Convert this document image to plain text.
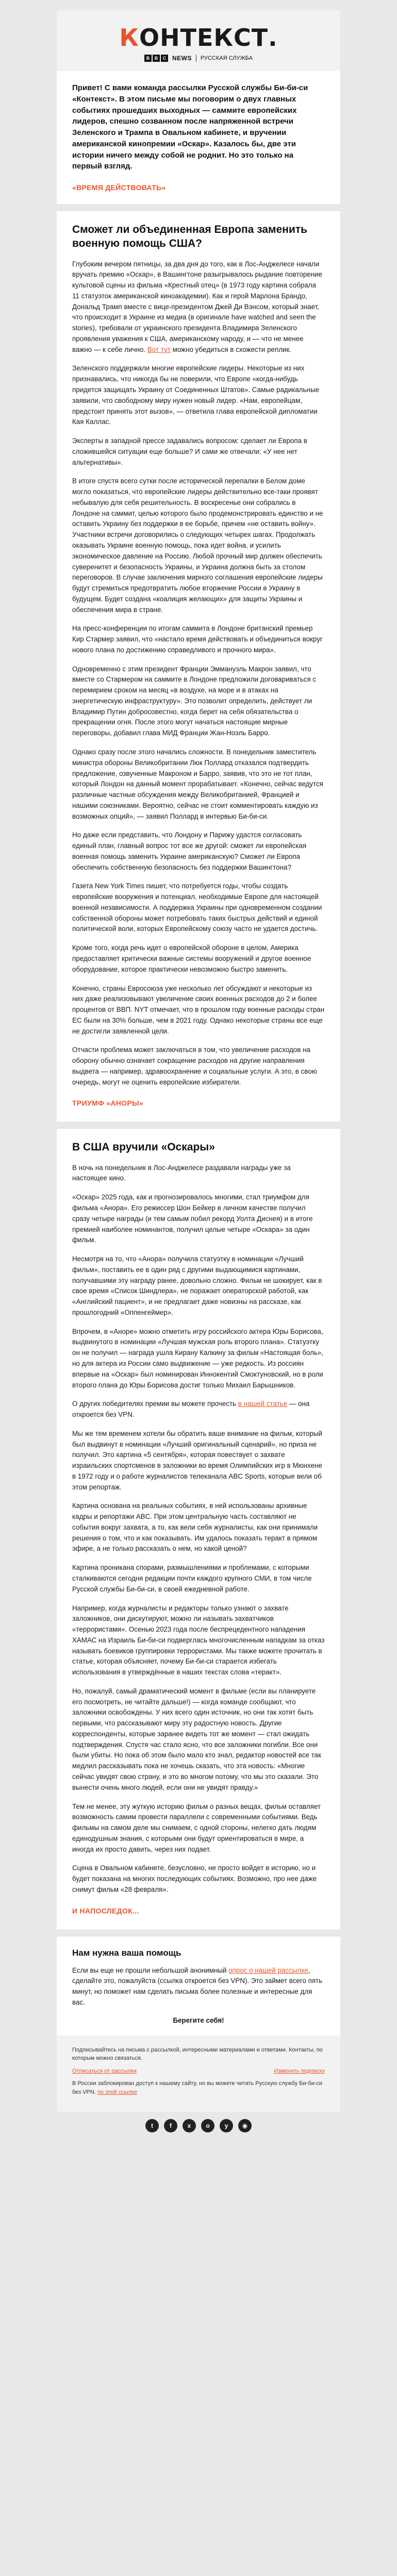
КОНТЕКСТ.
B	B	C NEWS РУССКАЯ СЛУЖБА

Привет! С вами команда рассылки Русской службы Би-би-си «Контекст». В этом письме мы поговорим о двух главных событиях прошедших выходных — саммите европейских лидеров, спешно созванном после напряженной встречи Зеленского и Трампа в Овальном кабинете, и вручении американской кинопремии «Оскар». Казалось бы, две эти истории ничего между собой не роднит. Но это только на первый взгляд.

«ВРЕМЯ ДЕЙСТВОВАТЬ»
Сможет ли объединенная Европа заменить военную помощь США?

Глубоким вечером пятницы, за два дня до того, как в Лос-Анджелесе начали вручать премию «Оскар», в Вашингтоне разыгрывалось рыдание повторение культовой сцены из фильма «Крестный отец» (в 1973 году картина собрала 11 статуэток американской киноакадемии). Как и герой Марлона Брандо, Дональд Трамп вместе с вице-президентом Джей Ди Вэнсом, который знает, что происходит в Украине из медиа (в оригинале have watched and seen the stories), требовали от украинского президента Владимира Зеленского проявления уважения к США, американскому народу, и — что не менее важно — к себе лично. Вот тут можно убедиться в схожести реплик.

Зеленского поддержали многие европейские лидеры. Некоторые из них признавались, что никогда бы не поверили, что Европе «когда-нибудь придется защищать Украину от Соединенных Штатов». Самые радикальные заявили, что свободному миру нужен новый лидер. «Нам, европейцам, предстоит принять этот вызов», — ответила глава европейской дипломатии Кая Каллас.

Эксперты в западной прессе задавались вопросом: сделает ли Европа в сложившейся ситуации еще больше? И сами же отвечали: «У нее нет альтернативы».

В итоге спустя всего сутки после исторической перепалки в Белом доме могло показаться, что европейские лидеры действительно все-таки проявят небывалую для себя решительность. В воскресенье они собрались в Лондоне на саммит, целью которого было продемонстрировать единство и не оставить Украину без поддержки в ее борьбе, причем «не оставить войну». Участники встречи договорились о следующих четырех шагах. Продолжать оказывать Украине военную помощь, пока идет война, и усилить экономическое давление на Россию. Любой прочный мир должен обеспечить суверенитет и безопасность Украины, и Украина должна быть за столом переговоров. В случае заключения мирного соглашения европейские лидеры будут стремиться предотвратить любое вторжение России в Украину в будущем. Будет создана «коалиция желающих» для защиты Украины и обеспечения мира в стране.

На пресс-конференции по итогам саммита в Лондоне британский премьер Кир Стармер заявил, что «настало время действовать и объединиться вокруг нового плана по достижению справедливого и прочного мира».

Одновременно с этим президент Франции Эммануэль Макрон заявил, что вместе со Стармером на саммите в Лондоне предложили договариваться с перемирием сроком на месяц «в воздухе, на море и в атаках на энергетическую инфраструктуру». Это позволит определить, действует ли Владимир Путин добросовестно, когда берет на себя обязательства о прекращении огня. После этого могут начаться настоящие мирные переговоры, добавил глава МИД Франции Жан-Ноэль Барро.

Однако сразу после этого начались сложности. В понедельник заместитель министра обороны Великобритании Люк Поллард отказался подтвердить предложение, озвученные Макроном и Барро, заявив, что это не тот план, который Лондон на данный момент прорабатывает. «Конечно, сейчас ведутся различные частные обсуждения между Великобританией, Францией и нашими союзниками. Вероятно, сейчас не стоит комментировать каждую из возможных опций», — заявил Поллард в интервью Би-би-си.

Но даже если представить, что Лондону и Парижу удастся согласовать единый план, главный вопрос тот все же другой: сможет ли европейская военная помощь заменить Украине американскую? Сможет ли Европа обеспечить собственную безопасность без поддержки Вашингтона?

Газета New York Times пишет, что потребуется годы, чтобы создать европейские вооружения и потенциал, необходимые Европе для настоящей военной независимости. А поддержка Украины при одновременном создании собственной обороны может потребовать таких быстрых действий и единой политической воли, которых Европейскому союзу часто не удается достичь.

Кроме того, когда речь идет о европейской обороне в целом, Америка предоставляет критически важные системы вооружений и другое военное оборудование, которое практически невозможно быстро заменить.

Конечно, страны Евросоюза уже несколько лет обсуждают и некоторые из них даже реализовывают увеличение своих военных расходов до 2 и более процентов от ВВП. NYT отмечает, что в прошлом году военные расходы стран ЕС были на 30% больше, чем в 2021 году. Однако некоторые страны все еще не достигли заявленной цели.

Отчасти проблема может заключаться в том, что увеличение расходов на оборону обычно означает сокращение расходов на другие направления выдвета — например, здравоохранение и социальные услуги. А это, в свою очередь, могут не оценить европейские избиратели.

ТРИУМФ «АНОРЫ»
В США вручили «Оскары»

В ночь на понедельник в Лос-Анджелесе раздавали награды уже за настоящее кино.

«Оскар» 2025 года, как и прогнозировалось многими, стал триумфом для фильма «Анора». Его режиссер Шон Бейкер в личном качестве получил сразу четыре награды (и тем самым побил рекорд Уолта Диснея) и в итоге премией наиболее номинантов, получил целые четыре «Оскара» за один фильм.

Несмотря на то, что «Анора» получила статуэтку в номинации «Лучший фильм», поставить ее в один ряд с другими выдающимися картинами, получавшими эту награду ранее, довольно сложно. Фильм не шокирует, как в свое время «Список Шиндлера», не поражает операторской работой, как «Английский пациент», и не предлагает даже новизны на рассказе, как прошлогодний «Оппенгеймер».

Впрочем, в «Аноре» можно отметить игру российского актера Юры Борисова, выдвинутого в номинации «Лучшая мужская роль второго плана». Статуэтку он не получил — награда ушла Кирану Калкину за фильм «Настоящая боль», но для актера из России само выдвижение — уже редкость. Из россиян впервые на «Оскар» был номинирован Иннокентий Смоктуновский, но в роли второго плана до Юры Борисова достиг только Михаил Барышников.

О других победителях премии вы можете прочесть в нашей статье — она откроется без VPN.

Мы же тем временем хотели бы обратить ваше внимание на фильм, который был выдвинут в номинации «Лучший оригинальный сценарий», но приза не получил. Это картина «5 сентября», которая повествует о захвате израильских спортсменов в заложники во время Олимпийских игр в Мюнхене в 1972 году и о работе журналистов телеканала ABC Sports, которые вели об этом репортаж.

Картина основана на реальных событиях, в ней использованы архивные кадры и репортажи ABC. При этом центральную часть составляют не события вокруг захвата, а то, как вели себя журналисты, как они принимали решения о том, что и как показывать. Им удалось показать теракт в прямом эфире, а не только рассказать о нем, но какой ценой?

Картина проникана спорами, размышлениями и проблемами, с которыми сталкиваются сегодня редакции почти каждого крупного СМИ, в том числе Русской службы Би-би-си, в своей ежедневной работе.

Например, когда журналисты и редакторы только узнают о захвате заложников, они дискутируют, можно ли называть захватчиков «террористами». Осенью 2023 года после беспрецедентного нападения ХАМАС на Израиль Би-би-си подверглась многочисленным нападкам за отказ называть боевиков группировки террористами. Мы также можете прочитать в статье, которая объясняет, почему Би-би-си старается избегать использования в утверждённые в наших текстах слова «теракт».

Но, пожалуй, самый драматический момент в фильме (если вы планируете его посмотреть, не читайте дальше!) — когда команде сообщают, что заложники освобождены. У них всего один источник, но они так хотят быть первыми, что рассказывают миру эту радостную новость. Другие корреспонденты, которые заранее видеть тот же момент — стал ожидать подтверждения. Спустя час стало ясно, что все заложники погибли. Все они были убиты. Но пока об этом было мало кто знал, редактор новостей все так медлил рассказывать пока не хочешь сказать, что эта новость: «Многие сейчас увидят свою страну, и это во многом потому, что мы это сказали. Это вынести очень много людей, если они не увидят правду.»

Тем не менее, эту жуткую историю фильм о разных вещах, фильм оставляет возможность самим провести параллели с современными событиями. Ведь фильмы на самом деле мы снимаем, с одной стороны, нелегко дать людям единодушным знания, с которыми они будут ориентироваться в мире, а иногда их просто давить, через них подает.

Сцена в Овальном кабинете, безусловно, не просто войдет в историю, но и будет показана на многих последующих событиях. Возможно, про нее даже снимут фильм «28 февраля».

И НАПОСЛЕДОК...
Нам нужна ваша помощь

Если вы еще не прошли небольшой анонимный опрос о нашей рассылке, сделайте это, пожалуйста (ссылка откроется без VPN). Это займет всего пять минут, но поможет нам сделать письма более полезные и интересные для вас.

Берегите себя!

Подписывайтесь на письма с рассылкой, интересными материалами и ответами. Контакты, по которым можно связаться.

Отписаться от рассылки	Изменить подписку

В России заблокирован доступ к нашему сайту, но вы можете читать Русскую службу Би-би-си без VPN. по этой ссылке

t	f	x	o	y	◉
